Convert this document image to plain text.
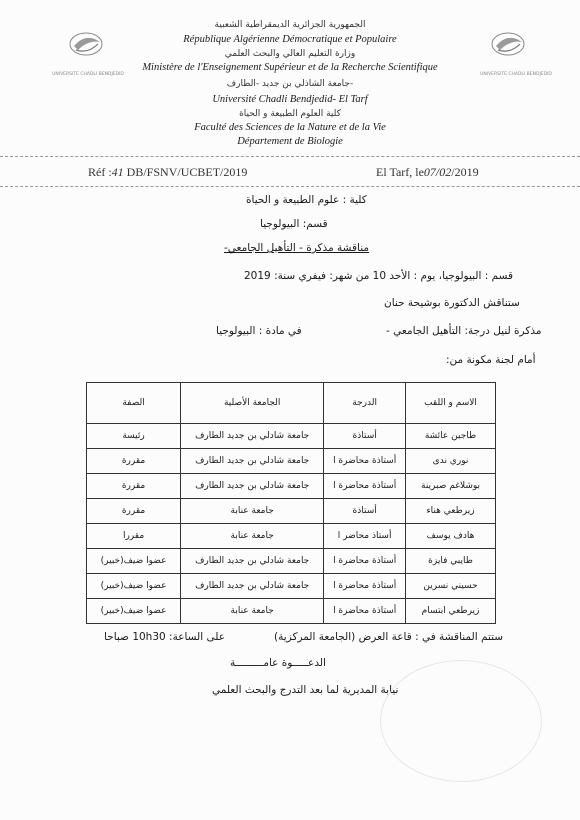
UNIVERSITE CHADLI BENDJEDID	UNIVERSITE CHADLI BENDJEDID
الجمهورية الجزائرية الديمقراطية الشعبية
République Algérienne Démocratique et Populaire
وزارة التعليم العالي والبحث العلمي
Ministère de l'Enseignement Supérieur et de la Recherche Scientifique
جامعة الشاذلي بن جديد -الطارف-
Université Chadli Bendjedid- El Tarf
كلية العلوم الطبيعة و الحياة
Faculté des Sciences de la Nature et de la Vie
Département de Biologie
Réf :41 DB/FSNV/UCBET/2019	El Tarf, le07/02/2019
كلية : علوم الطبيعة و الحياة
قسم: البيولوجيا
مناقشة مذكرة - التأهيل الجامعي-
قسم : البيولوجيا، يوم : الأحد 10 من شهر: فيفري سنة: 2019
ستناقش الدكتورة بوشيحة حنان
مذكرة لنيل درجة: التأهيل الجامعي -
في مادة : البيولوجيا
أمام لجنة مكونة من:
الاسم و اللقب	الدرجة	الجامعة الأصلية	الصفة
طاجين عائشة	أستاذة	جامعة شادلي بن جديد الطارف	رئيسة
نوري ندى	أستاذة محاضرة ا	جامعة شادلي بن جديد الطارف	مقررة
بوشلاغم صبرينة	أستاذة محاضرة ا	جامعة شادلي بن جديد الطارف	مقررة
زيرطعي هناء	أستاذة	جامعة عنابة	مقررة
هادف يوسف	أستاذ محاضر ا	جامعة عنابة	مقررا
طايبي فايزة	أستاذة محاضرة ا	جامعة شادلي بن جديد الطارف	عضوا ضيف(خبير)
حسيني نسرين	أستاذة محاضرة ا	جامعة شادلي بن جديد الطارف	عضوا ضيف(خبير)
زيرطعي ابتسام	أستاذة محاضرة ا	جامعة عنابة	عضوا ضيف(خبير)
ستتم المناقشة في : قاعة العرض (الجامعة المركزية)
على الساعة: 10h30 صباحا
الدعـــــوة عامـــــــــة
نيابة المديرية لما بعد التدرج والبحث العلمي
